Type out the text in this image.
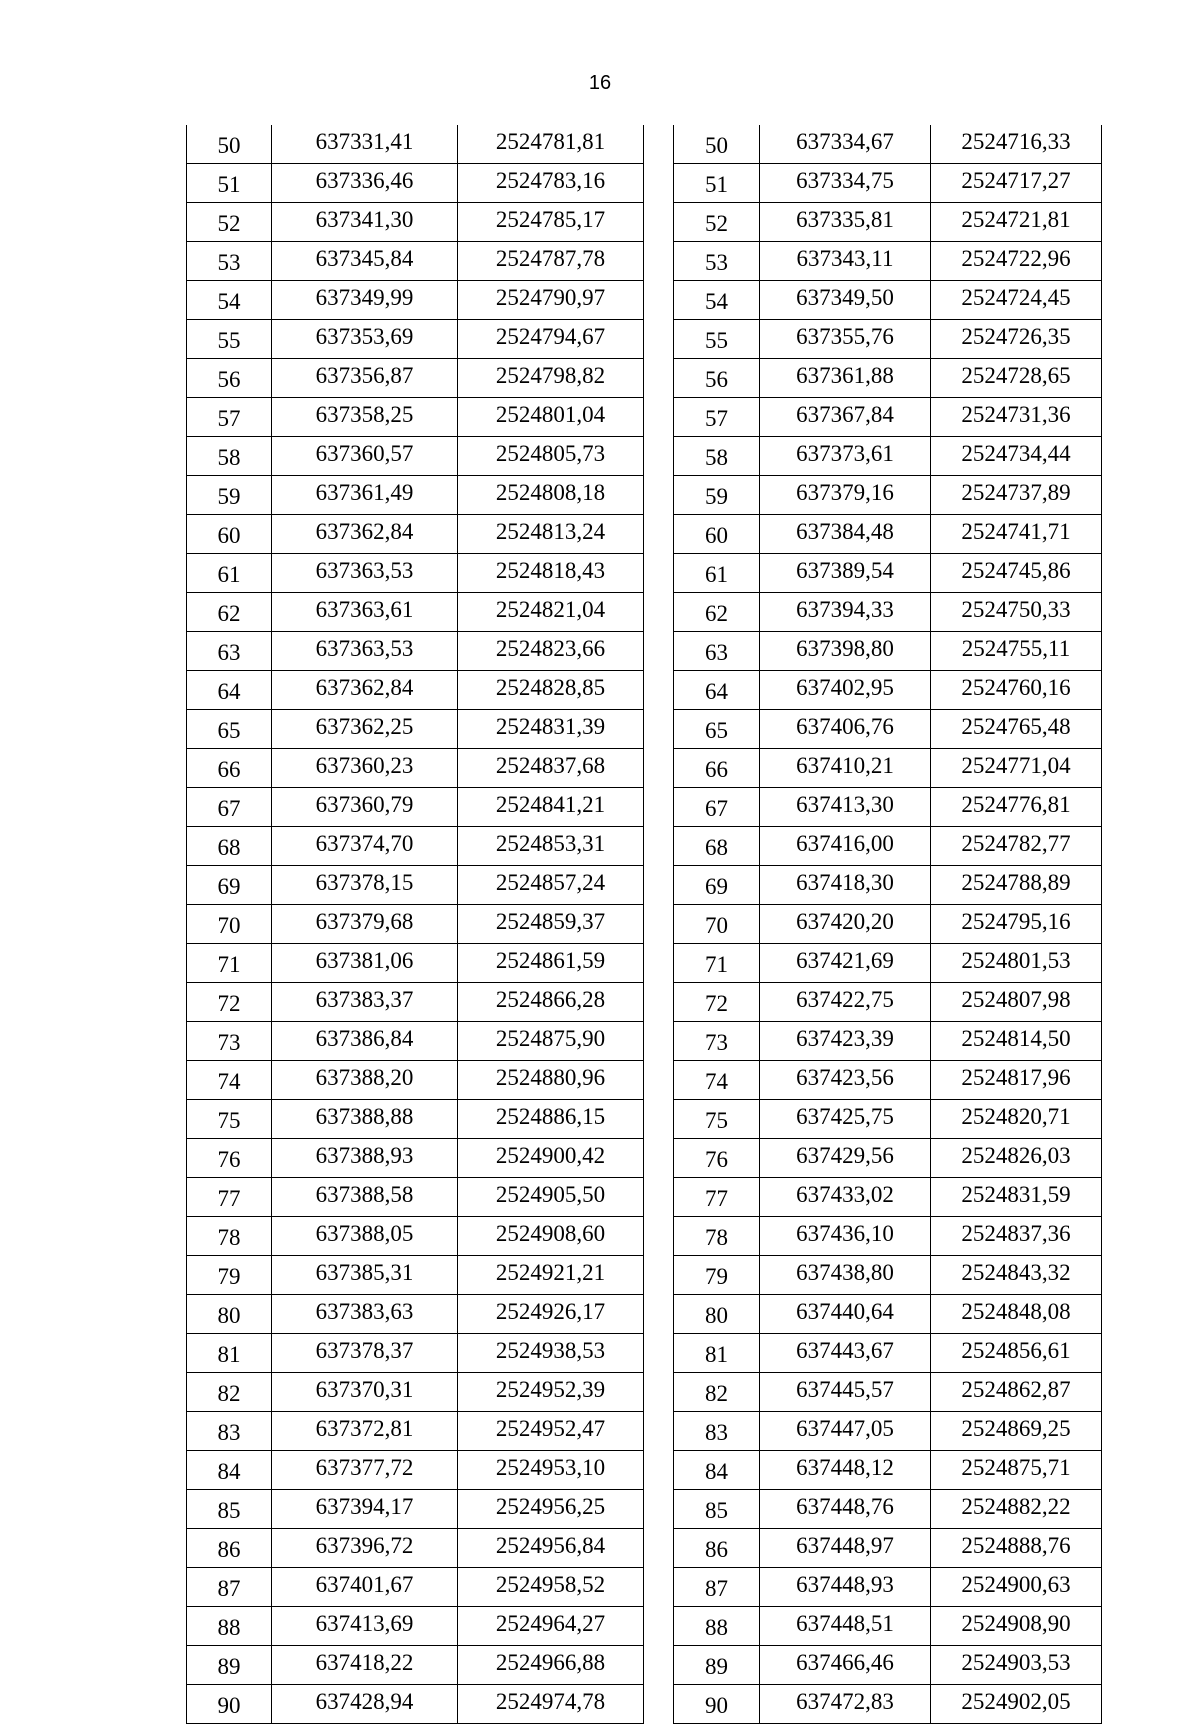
16
50	637331,41	2524781,81
51	637336,46	2524783,16
52	637341,30	2524785,17
53	637345,84	2524787,78
54	637349,99	2524790,97
55	637353,69	2524794,67
56	637356,87	2524798,82
57	637358,25	2524801,04
58	637360,57	2524805,73
59	637361,49	2524808,18
60	637362,84	2524813,24
61	637363,53	2524818,43
62	637363,61	2524821,04
63	637363,53	2524823,66
64	637362,84	2524828,85
65	637362,25	2524831,39
66	637360,23	2524837,68
67	637360,79	2524841,21
68	637374,70	2524853,31
69	637378,15	2524857,24
70	637379,68	2524859,37
71	637381,06	2524861,59
72	637383,37	2524866,28
73	637386,84	2524875,90
74	637388,20	2524880,96
75	637388,88	2524886,15
76	637388,93	2524900,42
77	637388,58	2524905,50
78	637388,05	2524908,60
79	637385,31	2524921,21
80	637383,63	2524926,17
81	637378,37	2524938,53
82	637370,31	2524952,39
83	637372,81	2524952,47
84	637377,72	2524953,10
85	637394,17	2524956,25
86	637396,72	2524956,84
87	637401,67	2524958,52
88	637413,69	2524964,27
89	637418,22	2524966,88
90	637428,94	2524974,78
50	637334,67	2524716,33
51	637334,75	2524717,27
52	637335,81	2524721,81
53	637343,11	2524722,96
54	637349,50	2524724,45
55	637355,76	2524726,35
56	637361,88	2524728,65
57	637367,84	2524731,36
58	637373,61	2524734,44
59	637379,16	2524737,89
60	637384,48	2524741,71
61	637389,54	2524745,86
62	637394,33	2524750,33
63	637398,80	2524755,11
64	637402,95	2524760,16
65	637406,76	2524765,48
66	637410,21	2524771,04
67	637413,30	2524776,81
68	637416,00	2524782,77
69	637418,30	2524788,89
70	637420,20	2524795,16
71	637421,69	2524801,53
72	637422,75	2524807,98
73	637423,39	2524814,50
74	637423,56	2524817,96
75	637425,75	2524820,71
76	637429,56	2524826,03
77	637433,02	2524831,59
78	637436,10	2524837,36
79	637438,80	2524843,32
80	637440,64	2524848,08
81	637443,67	2524856,61
82	637445,57	2524862,87
83	637447,05	2524869,25
84	637448,12	2524875,71
85	637448,76	2524882,22
86	637448,97	2524888,76
87	637448,93	2524900,63
88	637448,51	2524908,90
89	637466,46	2524903,53
90	637472,83	2524902,05
